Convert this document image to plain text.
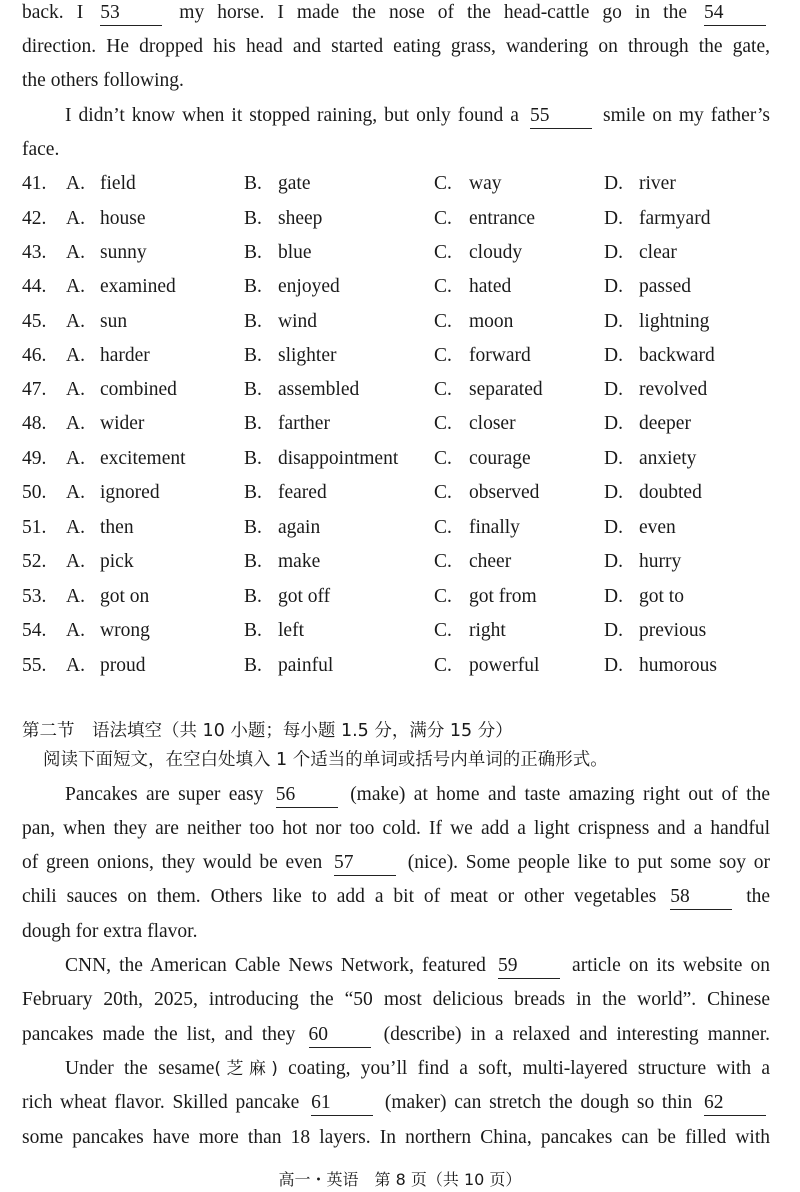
back. I 53	my horse. I made the nose of the head-cattle go in the 54
direction. He dropped his head and started eating grass, wandering on through the gate,
the others following.
I didn’t know when it stopped raining, but only found a 55	smile on my father’s
face.
41. A. field	B. gate	C. way	D. river
42. A. house	B. sheep	C. entrance	D. farmyard
43. A. sunny	B. blue	C. cloudy	D. clear
44. A. examined	B. enjoyed	C. hated	D. passed
45. A. sun	B. wind	C. moon	D. lightning
46. A. harder	B. slighter	C. forward	D. backward
47. A. combined	B. assembled	C. separated	D. revolved
48. A. wider	B. farther	C. closer	D. deeper
49. A. excitement	B. disappointment C. courage	D. anxiety
50. A. ignored	B. feared	C. observed	D. doubted
51. A. then	B. again	C. finally	D. even
52. A. pick	B. make	C. cheer	D. hurry
53. A. got on	B. got off	C. got from	D. got to
54. A. wrong	B. left	C. right	D. previous
55. A. proud	B. painful	C. powerful	D. humorous
第二节　语法填空（共 10 小题；每小题 1.5 分，满分 15 分）
阅读下面短文，在空白处填入 1 个适当的单词或括号内单词的正确形式。
Pancakes are super easy 56	(make) at home and taste amazing right out of the
pan, when they are neither too hot nor too cold. If we add a light crispness and a handful
of green onions, they would be even 57	(nice). Some people like to put some soy or
chili sauces on them. Others like to add a bit of meat or other vegetables 58	the
dough for extra flavor.
CNN, the American Cable News Network, featured 59	article on its website on
February 20th, 2025, introducing the “50 most delicious breads in the world”. Chinese
pancakes made the list, and they 60	(describe) in a relaxed and interesting manner.
Under the sesame(芝麻) coating, you’ll find a soft, multi-layered structure with a
rich wheat flavor. Skilled pancake 61	(maker) can stretch the dough so thin 62
some pancakes have more than 18 layers. In northern China, pancakes can be filled with
高一・英语　第 8 页（共 10 页）
